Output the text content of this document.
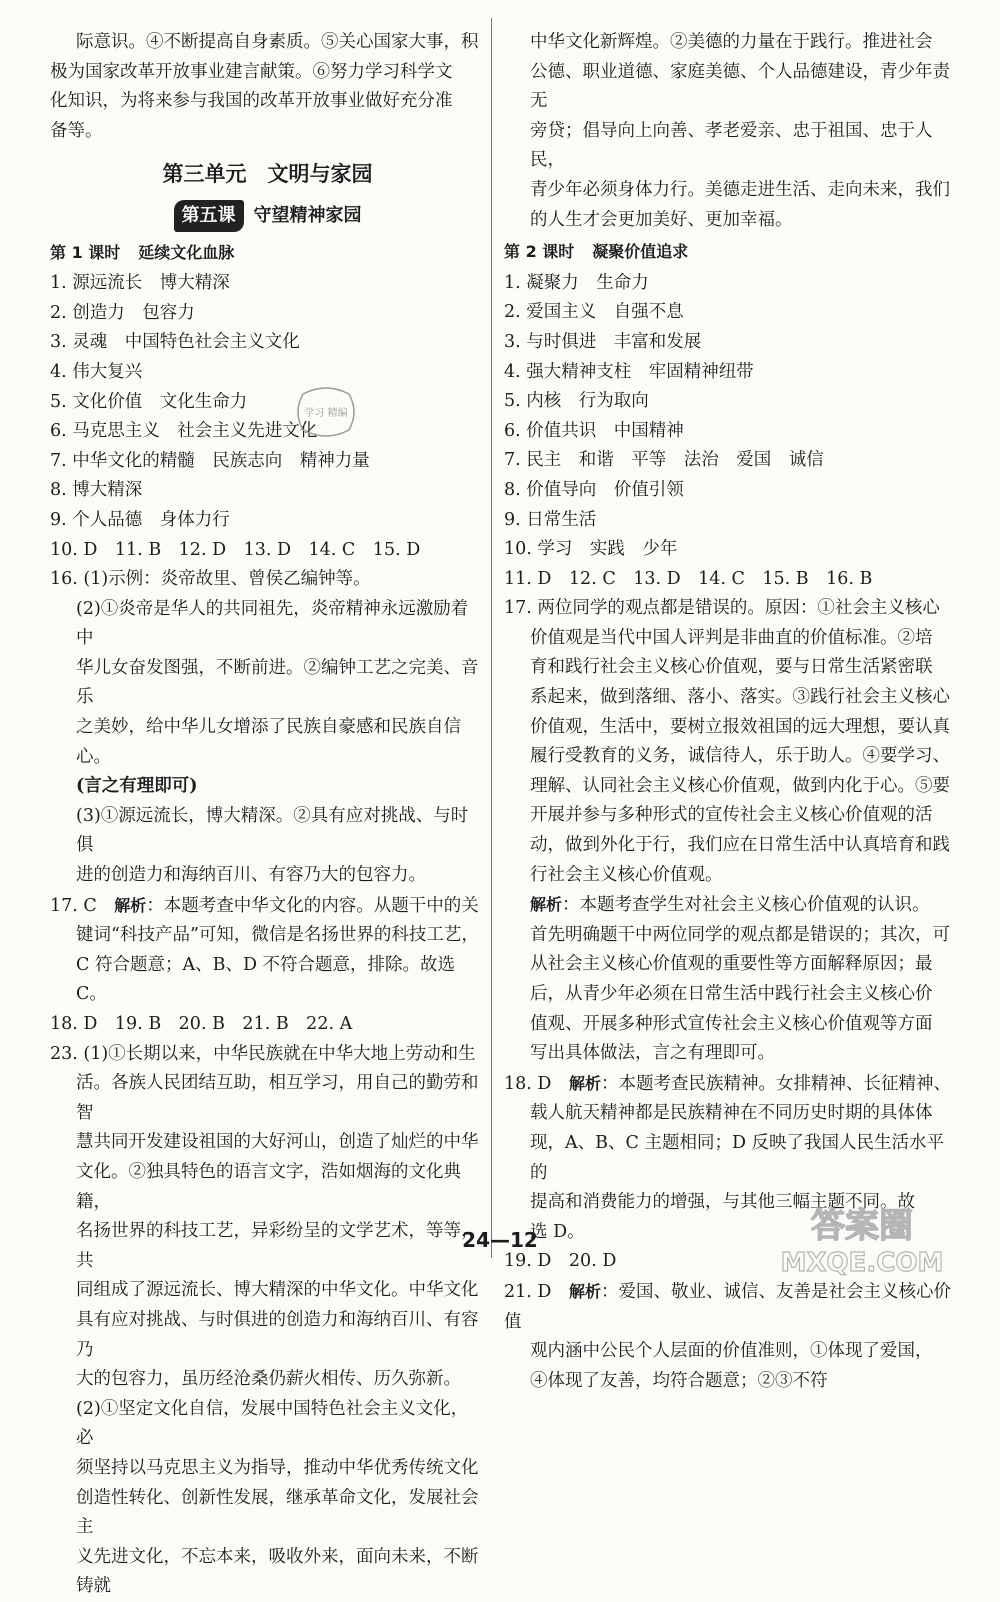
际意识。④不断提高自身素质。⑤关心国家大事，积

极为国家改革开放事业建言献策。⑥努力学习科学文

化知识，为将来参与我国的改革开放事业做好充分准

备等。

第三单元　文明与家园
第五课 守望精神家园
第 1 课时 延续文化血脉

1. 源远流长　博大精深

2. 创造力　包容力

3. 灵魂　中国特色社会主义文化

4. 伟大复兴

5. 文化价值　文化生命力

6. 马克思主义　社会主义先进文化

7. 中华文化的精髓　民族志向　精神力量

8. 博大精深

9. 个人品德　身体力行

10. D　11. B　12. D　13. D　14. C　15. D

16. (1)示例：炎帝故里、曾侯乙编钟等。

(2)①炎帝是华人的共同祖先，炎帝精神永远激励着中

华儿女奋发图强，不断前进。②编钟工艺之完美、音乐

之美妙，给中华儿女增添了民族自豪感和民族自信心。

(言之有理即可)

(3)①源远流长，博大精深。②具有应对挑战、与时俱

进的创造力和海纳百川、有容乃大的包容力。

17. C　解析：本题考查中华文化的内容。从题干中的关

键词“科技产品”可知，微信是名扬世界的科技工艺，

C 符合题意；A、B、D 不符合题意，排除。故选 C。

18. D　19. B　20. B　21. B　22. A

23. (1)①长期以来，中华民族就在中华大地上劳动和生

活。各族人民团结互助，相互学习，用自己的勤劳和智

慧共同开发建设祖国的大好河山，创造了灿烂的中华

文化。②独具特色的语言文字，浩如烟海的文化典籍，

名扬世界的科技工艺，异彩纷呈的文学艺术，等等，共

同组成了源远流长、博大精深的中华文化。中华文化

具有应对挑战、与时俱进的创造力和海纳百川、有容乃

大的包容力，虽历经沧桑仍薪火相传、历久弥新。

(2)①坚定文化自信，发展中国特色社会主义文化，必

须坚持以马克思主义为指导，推动中华优秀传统文化

创造性转化、创新性发展，继承革命文化，发展社会主

义先进文化，不忘本来，吸收外来，面向未来，不断铸就

中华文化新辉煌。②美德的力量在于践行。推进社会

公德、职业道德、家庭美德、个人品德建设，青少年责无

旁贷；倡导向上向善、孝老爱亲、忠于祖国、忠于人民，

青少年必须身体力行。美德走进生活、走向未来，我们

的人生才会更加美好、更加幸福。

第 2 课时 凝聚价值追求

1. 凝聚力　生命力

2. 爱国主义　自强不息

3. 与时俱进　丰富和发展

4. 强大精神支柱　牢固精神纽带

5. 内核　行为取向

6. 价值共识　中国精神

7. 民主　和谐　平等　法治　爱国　诚信

8. 价值导向　价值引领

9. 日常生活

10. 学习　实践　少年

11. D　12. C　13. D　14. C　15. B　16. B

17. 两位同学的观点都是错误的。原因：①社会主义核心

价值观是当代中国人评判是非曲直的价值标准。②培

育和践行社会主义核心价值观，要与日常生活紧密联

系起来，做到落细、落小、落实。③践行社会主义核心

价值观，生活中，要树立报效祖国的远大理想，要认真

履行受教育的义务，诚信待人，乐于助人。④要学习、

理解、认同社会主义核心价值观，做到内化于心。⑤要

开展并参与多种形式的宣传社会主义核心价值观的活

动，做到外化于行，我们应在日常生活中认真培育和践

行社会主义核心价值观。

解析：本题考查学生对社会主义核心价值观的认识。

首先明确题干中两位同学的观点都是错误的；其次，可

从社会主义核心价值观的重要性等方面解释原因；最

后，从青少年必须在日常生活中践行社会主义核心价

值观、开展多种形式宣传社会主义核心价值观等方面

写出具体做法，言之有理即可。

18. D　解析：本题考查民族精神。女排精神、长征精神、

载人航天精神都是民族精神在不同历史时期的具体体

现，A、B、C 主题相同；D 反映了我国人民生活水平的

提高和消费能力的增强，与其他三幅主题不同。故

选 D。

19. D　20. D

21. D　解析：爱国、敬业、诚信、友善是社会主义核心价值

观内涵中公民个人层面的价值准则，①体现了爱国，

④体现了友善，均符合题意；②③不符

学习 精编
24—12	答案圈
MXQE.COM
